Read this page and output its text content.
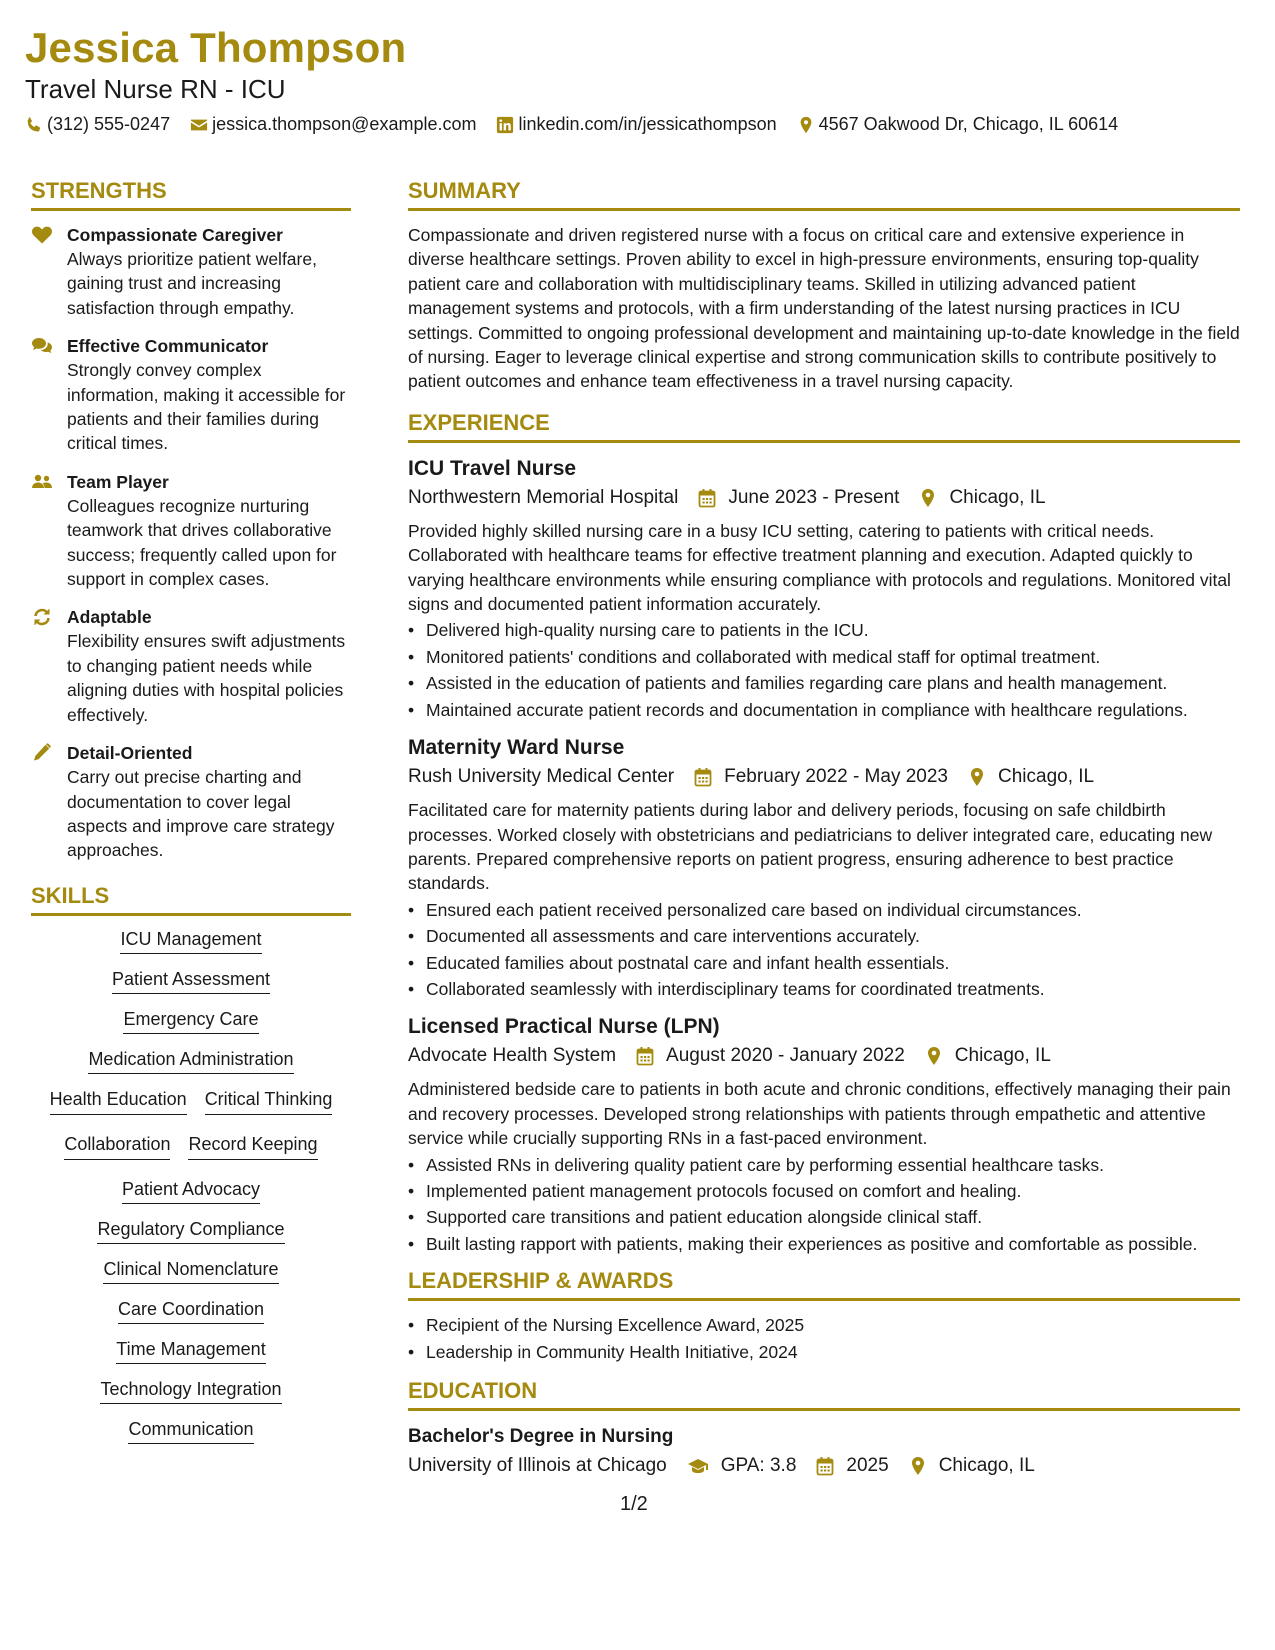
Jessica Thompson
Travel Nurse RN - ICU
(312) 555-0247 jessica.thompson@example.com linkedin.com/in/jessicathompson 4567 Oakwood Dr, Chicago, IL 60614
STRENGTHS
Compassionate Caregiver
Always prioritize patient welfare, gaining trust and increasing satisfaction through empathy.
Effective Communicator
Strongly convey complex information, making it accessible for patients and their families during critical times.
Team Player
Colleagues recognize nurturing teamwork that drives collaborative success; frequently called upon for support in complex cases.
Adaptable
Flexibility ensures swift adjustments to changing patient needs while aligning duties with hospital policies effectively.
Detail-Oriented
Carry out precise charting and documentation to cover legal aspects and improve care strategy approaches.
SKILLS
ICU Management
Patient Assessment
Emergency Care
Medication Administration
Health Education Critical Thinking
Collaboration Record Keeping
Patient Advocacy
Regulatory Compliance
Clinical Nomenclature
Care Coordination
Time Management
Technology Integration
Communication
SUMMARY
Compassionate and driven registered nurse with a focus on critical care and extensive experience in diverse healthcare settings. Proven ability to excel in high-pressure environments, ensuring top-quality patient care and collaboration with multidisciplinary teams. Skilled in utilizing advanced patient management systems and protocols, with a firm understanding of the latest nursing practices in ICU settings. Committed to ongoing professional development and maintaining up-to-date knowledge in the field of nursing. Eager to leverage clinical expertise and strong communication skills to contribute positively to patient outcomes and enhance team effectiveness in a travel nursing capacity.
EXPERIENCE
ICU Travel Nurse
Northwestern Memorial Hospital	June 2023 - Present	Chicago, IL
Provided highly skilled nursing care in a busy ICU setting, catering to patients with critical needs. Collaborated with healthcare teams for effective treatment planning and execution. Adapted quickly to varying healthcare environments while ensuring compliance with protocols and regulations. Monitored vital signs and documented patient information accurately.
• Delivered high-quality nursing care to patients in the ICU.
• Monitored patients' conditions and collaborated with medical staff for optimal treatment.
• Assisted in the education of patients and families regarding care plans and health management.
• Maintained accurate patient records and documentation in compliance with healthcare regulations.
Maternity Ward Nurse
Rush University Medical Center	February 2022 - May 2023	Chicago, IL
Facilitated care for maternity patients during labor and delivery periods, focusing on safe childbirth processes. Worked closely with obstetricians and pediatricians to deliver integrated care, educating new parents. Prepared comprehensive reports on patient progress, ensuring adherence to best practice standards.
• Ensured each patient received personalized care based on individual circumstances.
• Documented all assessments and care interventions accurately.
• Educated families about postnatal care and infant health essentials.
• Collaborated seamlessly with interdisciplinary teams for coordinated treatments.
Licensed Practical Nurse (LPN)
Advocate Health System	August 2020 - January 2022	Chicago, IL
Administered bedside care to patients in both acute and chronic conditions, effectively managing their pain and recovery processes. Developed strong relationships with patients through empathetic and attentive service while crucially supporting RNs in a fast-paced environment.
• Assisted RNs in delivering quality patient care by performing essential healthcare tasks.
• Implemented patient management protocols focused on comfort and healing.
• Supported care transitions and patient education alongside clinical staff.
• Built lasting rapport with patients, making their experiences as positive and comfortable as possible.
LEADERSHIP & AWARDS
• Recipient of the Nursing Excellence Award, 2025
• Leadership in Community Health Initiative, 2024
EDUCATION
Bachelor's Degree in Nursing
University of Illinois at Chicago	GPA: 3.8	2025	Chicago, IL
1/2
